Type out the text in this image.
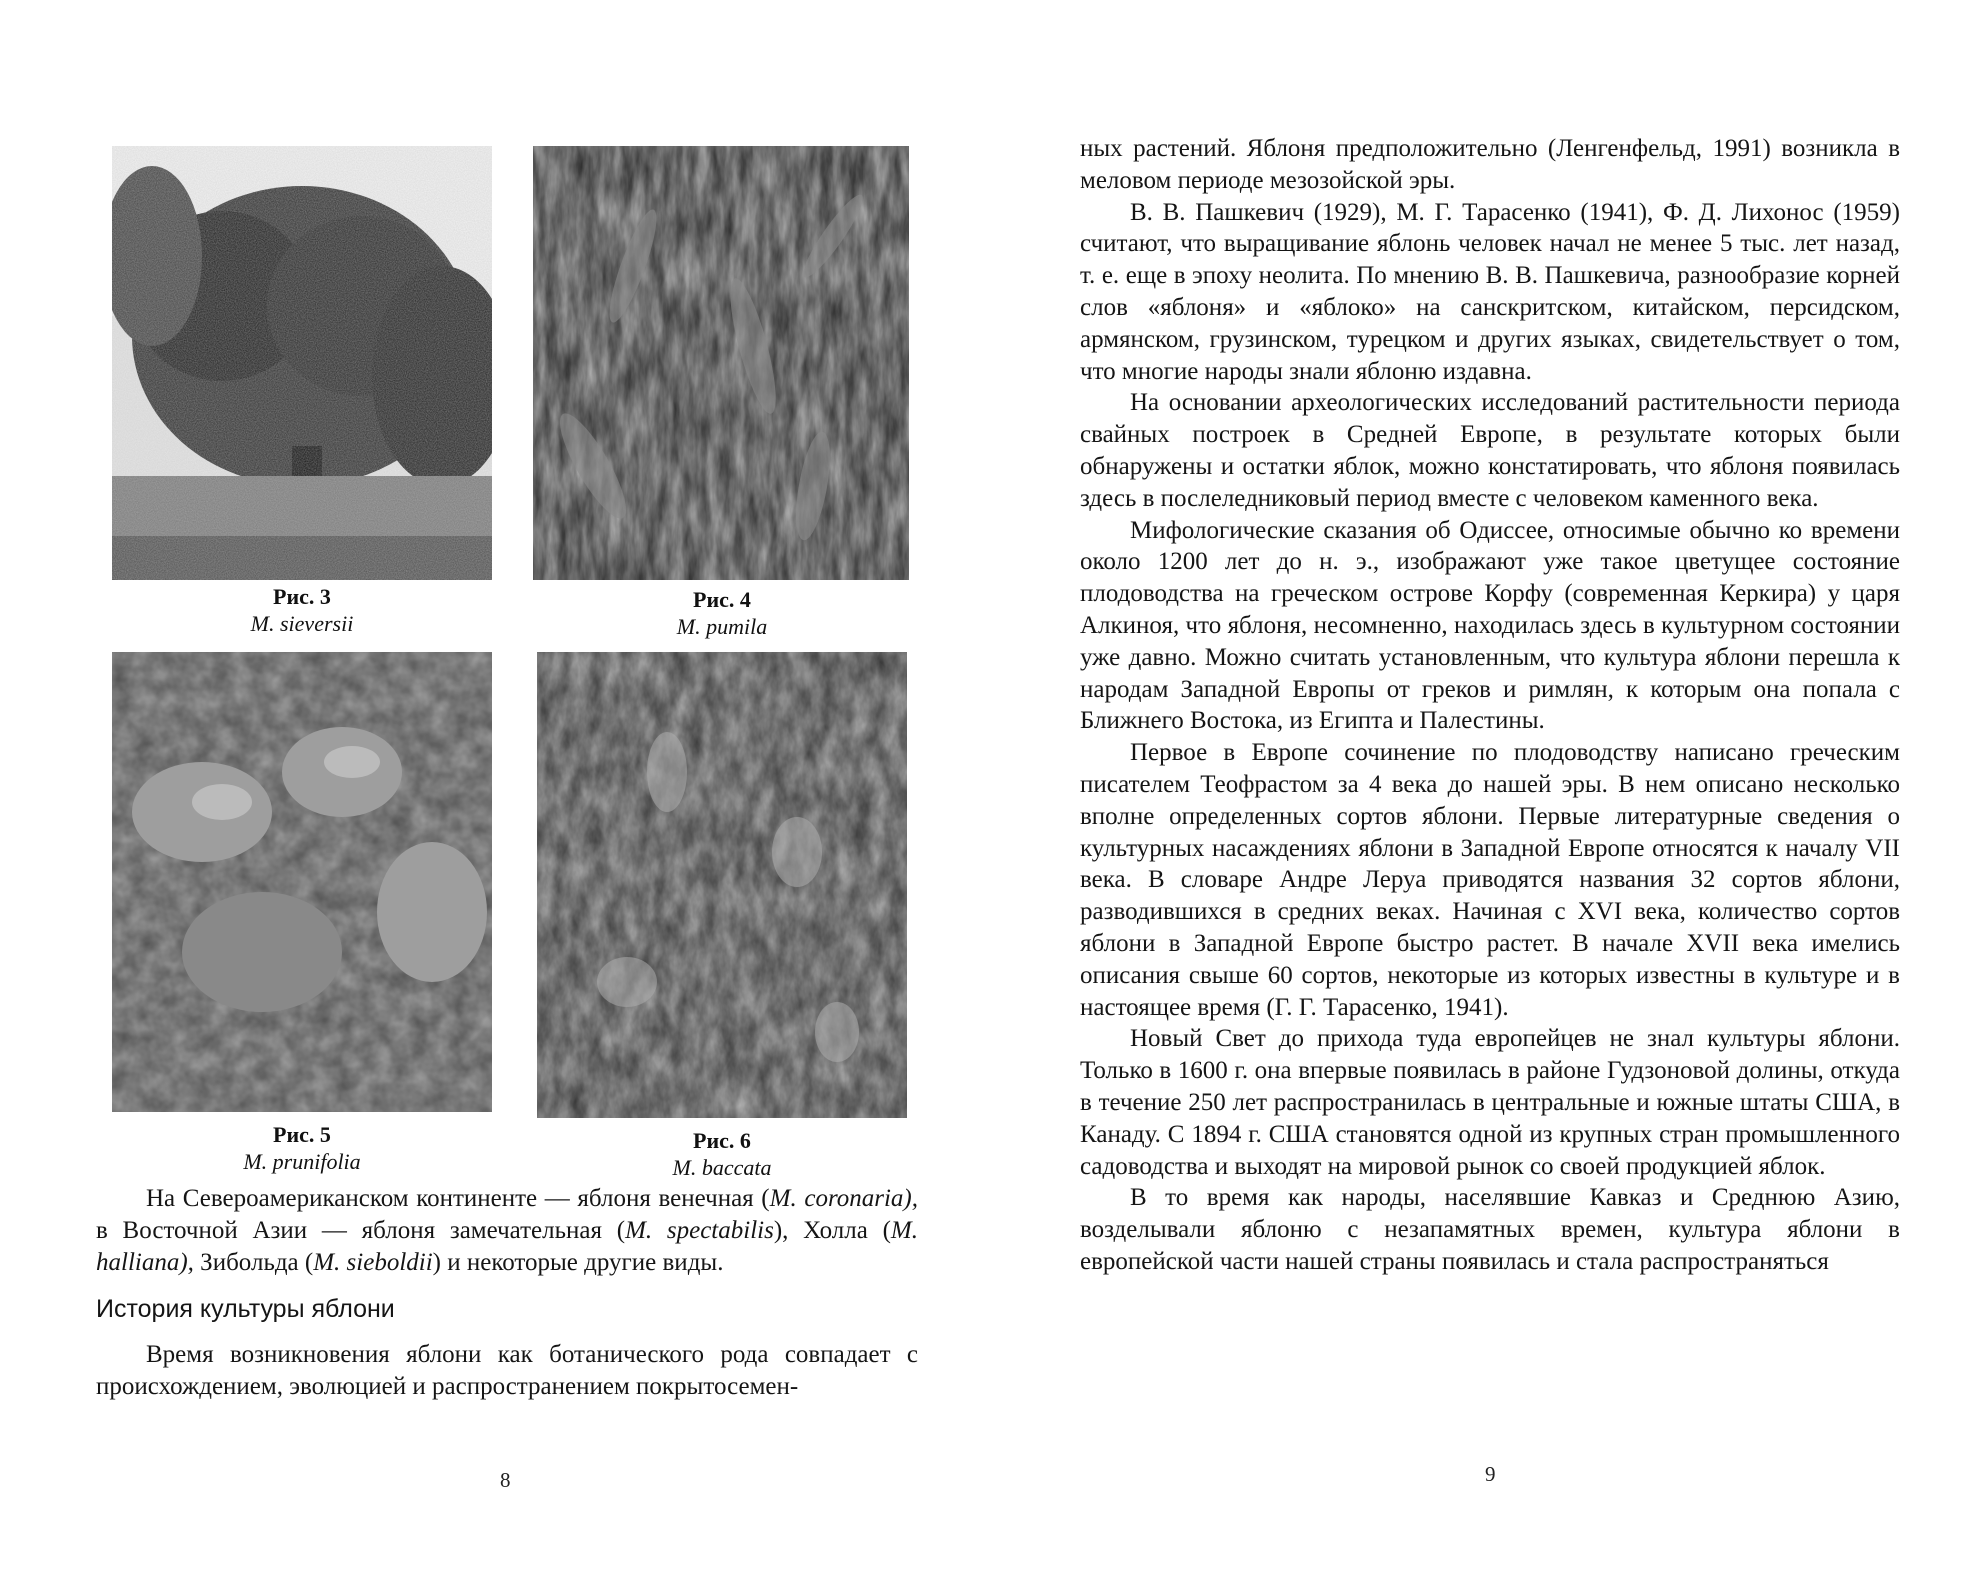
Рис. 3
M. sieversii
Рис. 4
M. pumila
Рис. 5
M. prunifolia
Рис. 6
M. baccata

На Североамериканском континенте — яблоня венечная (M. coronaria), в Восточной Азии — яблоня замечательная (M. spectabilis), Холла (M. halliana), Зибольда (M. sieboldii) и некоторые другие виды.

История культуры яблони

Время возникновения яблони как ботанического рода совпадает с происхождением, эволюцией и распространением покрытосемен-

8

ных растений. Яблоня предположительно (Ленгенфельд, 1991) возникла в меловом периоде мезозойской эры.

В. В. Пашкевич (1929), М. Г. Тарасенко (1941), Ф. Д. Лихонос (1959) считают, что выращивание яблонь человек начал не менее 5 тыс. лет назад, т. е. еще в эпоху неолита. По мнению В. В. Пашкевича, разнообразие корней слов «яблоня» и «яблоко» на санскритском, китайском, персидском, армянском, грузинском, турецком и других языках, свидетельствует о том, что многие народы знали яблоню издавна.

На основании археологических исследований растительности периода свайных построек в Средней Европе, в результате которых были обнаружены и остатки яблок, можно констатировать, что яблоня появилась здесь в послеледниковый период вместе с человеком каменного века.

Мифологические сказания об Одиссее, относимые обычно ко времени около 1200 лет до н. э., изображают уже такое цветущее состояние плодоводства на греческом острове Корфу (современная Керкира) у царя Алкиноя, что яблоня, несомненно, находилась здесь в культурном состоянии уже давно. Можно считать установленным, что культура яблони перешла к народам Западной Европы от греков и римлян, к которым она попала с Ближнего Востока, из Египта и Палестины.

Первое в Европе сочинение по плодоводству написано греческим писателем Теофрастом за 4 века до нашей эры. В нем описано несколько вполне определенных сортов яблони. Первые литературные сведения о культурных насаждениях яблони в Западной Европе относятся к началу VII века. В словаре Андре Леруа приводятся названия 32 сортов яблони, разводившихся в средних веках. Начиная с XVI века, количество сортов яблони в Западной Европе быстро растет. В начале XVII века имелись описания свыше 60 сортов, некоторые из которых известны в культуре и в настоящее время (Г. Г. Тарасенко, 1941).

Новый Свет до прихода туда европейцев не знал культуры яблони. Только в 1600 г. она впервые появилась в районе Гудзоновой долины, откуда в течение 250 лет распространилась в центральные и южные штаты США, в Канаду. С 1894 г. США становятся одной из крупных стран промышленного садоводства и выходят на мировой рынок со своей продукцией яблок.

В то время как народы, населявшие Кавказ и Среднюю Азию, возделывали яблоню с незапамятных времен, культура яблони в европейской части нашей страны появилась и стала распространяться

9
